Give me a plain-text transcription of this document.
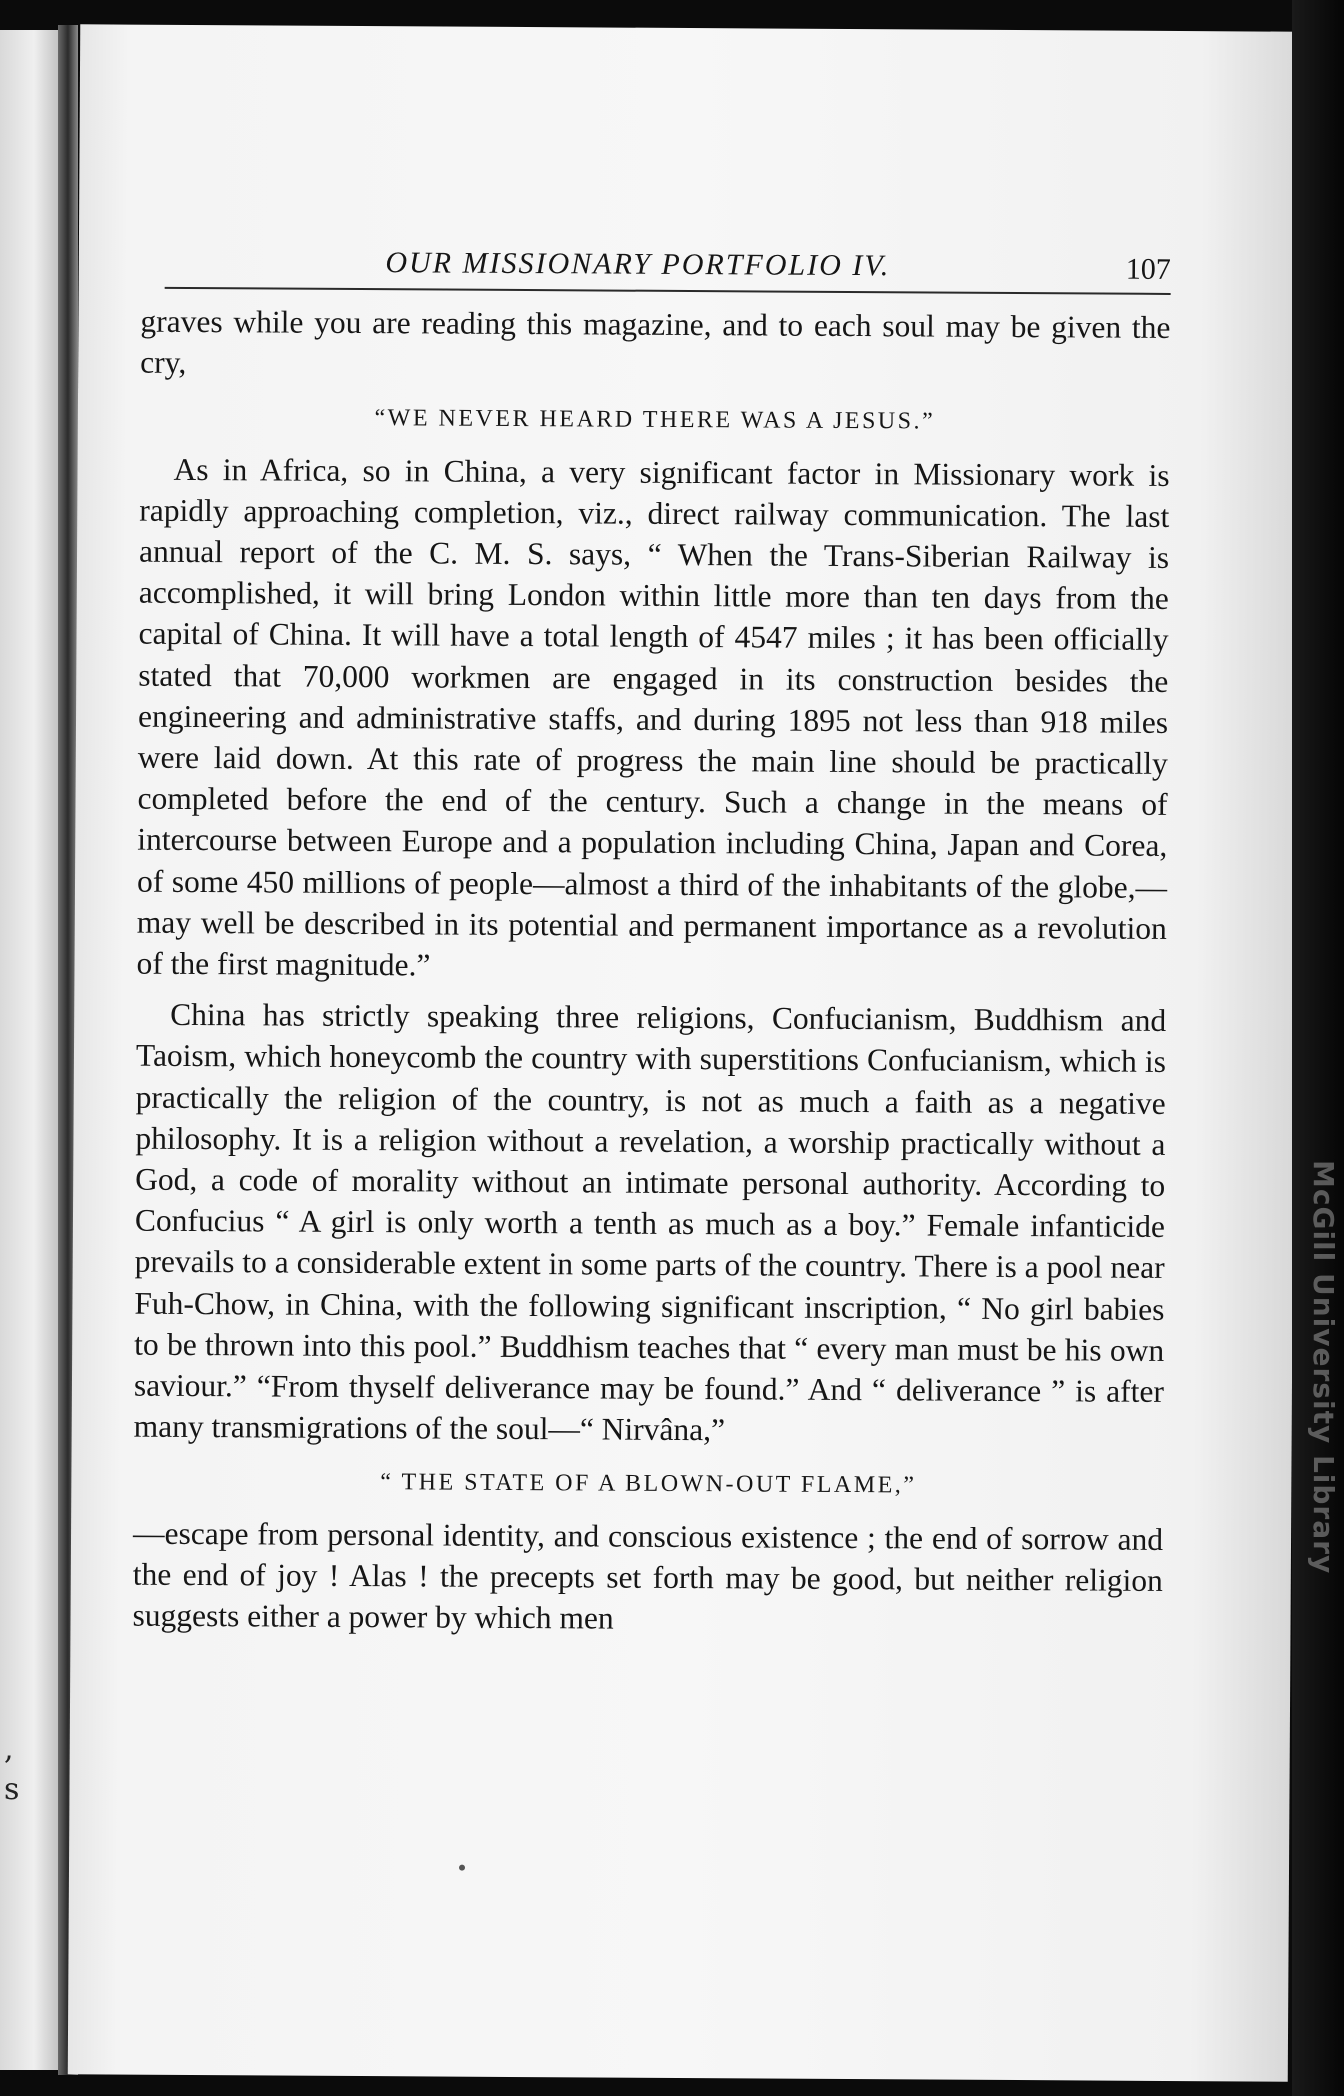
,
s
OUR MISSIONARY PORTFOLIO IV.	107

graves while you are reading this magazine, and to each soul may be given the cry,

“WE NEVER HEARD THERE WAS A JESUS.”

As in Africa, so in China, a very significant factor in Missionary work is rapidly approaching completion, viz., direct railway communication. The last annual report of the C. M. S. says, “ When the Trans-Siberian Railway is accomplished, it will bring London within little more than ten days from the capital of China. It will have a total length of 4547 miles ; it has been officially stated that 70,000 workmen are engaged in its construction besides the engineering and administrative staffs, and during 1895 not less than 918 miles were laid down. At this rate of progress the main line should be practically completed before the end of the century. Such a change in the means of intercourse between Europe and a population including China, Japan and Corea, of some 450 millions of people—almost a third of the inhabitants of the globe,—may well be described in its potential and permanent importance as a revolution of the first magnitude.”

China has strictly speaking three religions, Confucianism, Buddhism and Taoism, which honeycomb the country with superstitions Confucianism, which is practically the religion of the country, is not as much a faith as a negative philosophy. It is a religion without a revelation, a worship practically without a God, a code of morality without an intimate personal authority. According to Confucius “ A girl is only worth a tenth as much as a boy.” Female infanticide prevails to a considerable extent in some parts of the country. There is a pool near Fuh-Chow, in China, with the following significant inscription, “ No girl babies to be thrown into this pool.” Buddhism teaches that “ every man must be his own saviour.” “From thyself deliverance may be found.” And “ deliverance ” is after many transmigrations of the soul—“ Nirvâna,”

“ THE STATE OF A BLOWN-OUT FLAME,”

—escape from personal identity, and conscious existence ; the end of sorrow and the end of joy ! Alas ! the precepts set forth may be good, but neither religion suggests either a power by which men

McGill University Library
